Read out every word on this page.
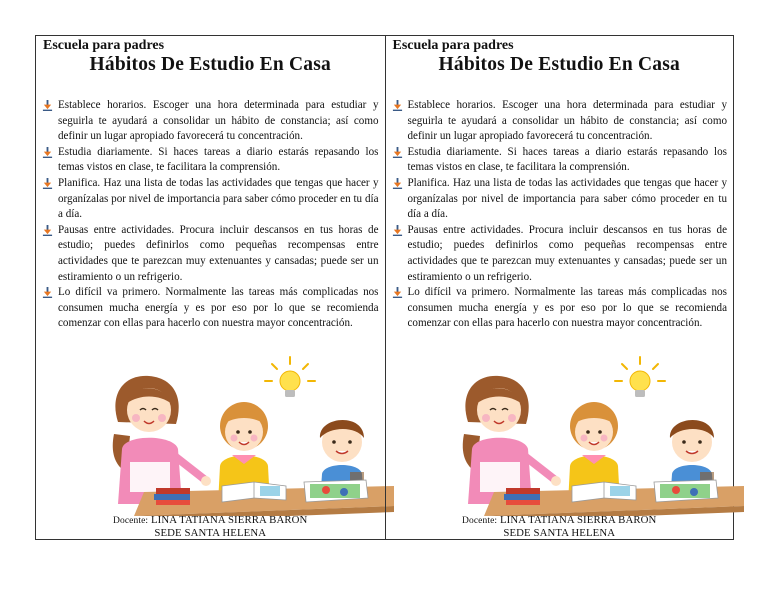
Escuela para padres
Hábitos De Estudio En Casa
Establece horarios. Escoger una hora determinada para estudiar y seguirla te ayudará a consolidar un hábito de constancia; así como definir un lugar apropiado favorecerá tu concentración.
Estudia diariamente. Si haces tareas a diario estarás repasando los temas vistos en clase, te facilitara la comprensión.
Planifica. Haz una lista de todas las actividades que tengas que hacer y organízalas por nivel de importancia para saber cómo proceder en tu día a día.
Pausas entre actividades. Procura incluir descansos en tus horas de estudio; puedes definirlos como pequeñas recompensas entre actividades que te parezcan muy extenuantes y cansadas; puede ser un estiramiento o un refrigerio.
Lo difícil va primero. Normalmente las tareas más complicadas nos consumen mucha energía y es por eso por lo que se recomienda comenzar con ellas para hacerlo con nuestra mayor concentración.
Docente: LINA TATIANA SIERRA BARON
SEDE SANTA HELENA
Escuela para padres
Hábitos De Estudio En Casa
Establece horarios. Escoger una hora determinada para estudiar y seguirla te ayudará a consolidar un hábito de constancia; así como definir un lugar apropiado favorecerá tu concentración.
Estudia diariamente. Si haces tareas a diario estarás repasando los temas vistos en clase, te facilitara la comprensión.
Planifica. Haz una lista de todas las actividades que tengas que hacer y organízalas por nivel de importancia para saber cómo proceder en tu día a día.
Pausas entre actividades. Procura incluir descansos en tus horas de estudio; puedes definirlos como pequeñas recompensas entre actividades que te parezcan muy extenuantes y cansadas; puede ser un estiramiento o un refrigerio.
Lo difícil va primero. Normalmente las tareas más complicadas nos consumen mucha energía y es por eso por lo que se recomienda comenzar con ellas para hacerlo con nuestra mayor concentración.
Docente: LINA TATIANA SIERRA BARON
SEDE SANTA HELENA
